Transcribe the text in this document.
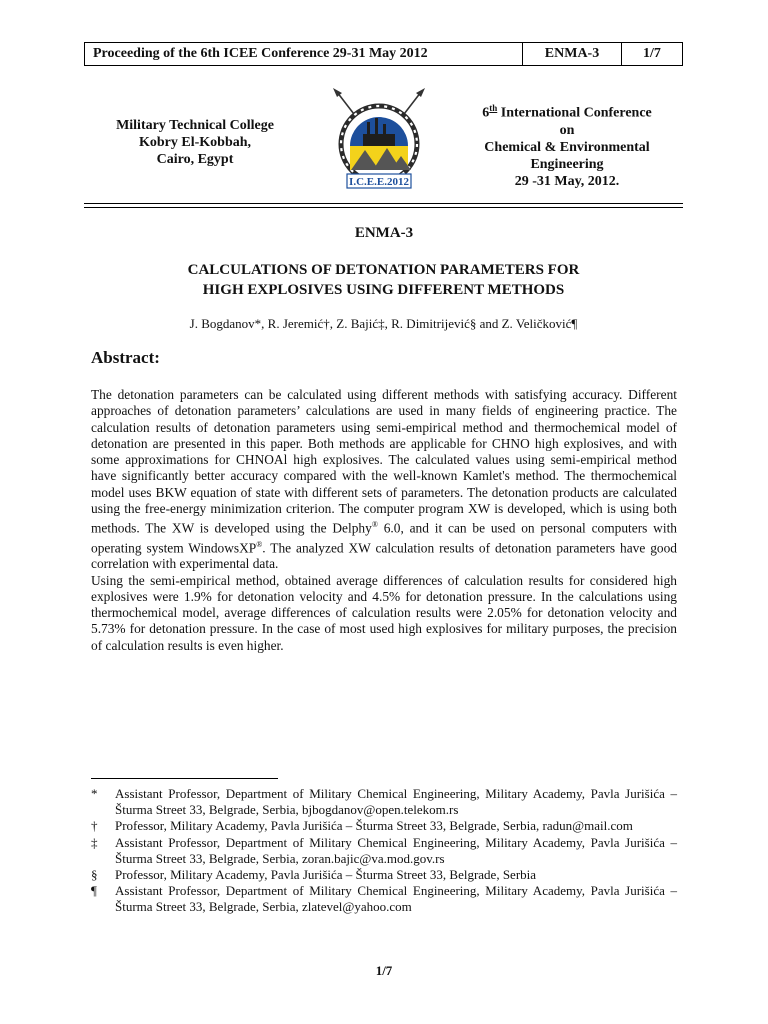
Proceeding of the 6th ICEE Conference 29-31 May 2012	ENMA-3	1/7
Military Technical College
Kobry El-Kobbah,
Cairo, Egypt
I.C.E.E.2012
6th International Conference
on
Chemical & Environmental
Engineering
29 -31 May, 2012.
ENMA-3
CALCULATIONS OF DETONATION PARAMETERS FOR
HIGH EXPLOSIVES USING DIFFERENT METHODS
J. Bogdanov*, R. Jeremić†, Z. Bajić‡, R. Dimitrijević§ and Z. Veličković¶
Abstract:

The detonation parameters can be calculated using different methods with satisfying accuracy. Different approaches of detonation parameters’ calculations are used in many fields of engineering practice. The calculation results of detonation parameters using semi-empirical method and thermochemical model of detonation are presented in this paper. Both methods are applicable for CHNO high explosives, and with some approximations for CHNOAl high explosives. The calculated values using semi-empirical method have significantly better accuracy compared with the well-known Kamlet's method. The thermochemical model uses BKW equation of state with different sets of parameters. The detonation products are calculated using the free-energy minimization criterion. The computer program XW is developed, which is using both methods. The XW is developed using the Delphy® 6.0, and it can be used on personal computers with operating system WindowsXP®. The analyzed XW calculation results of detonation parameters have good correlation with experimental data.

Using the semi-empirical method, obtained average differences of calculation results for considered high explosives were 1.9% for detonation velocity and 4.5% for detonation pressure. In the calculations using thermochemical model, average differences of calculation results were 2.05% for detonation velocity and 5.73% for detonation pressure. In the case of most used high explosives for military purposes, the precision of calculation results is even higher.

*	Assistant Professor, Department of Military Chemical Engineering, Military Academy, Pavla Jurišića – Šturma Street 33, Belgrade, Serbia, bjbogdanov@open.telekom.rs
†	Professor, Military Academy, Pavla Jurišića – Šturma Street 33, Belgrade, Serbia, radun@mail.com
‡	Assistant Professor, Department of Military Chemical Engineering, Military Academy, Pavla Jurišića – Šturma Street 33, Belgrade, Serbia, zoran.bajic@va.mod.gov.rs
§	Professor, Military Academy, Pavla Jurišića – Šturma Street 33, Belgrade, Serbia
¶	Assistant Professor, Department of Military Chemical Engineering, Military Academy, Pavla Jurišića – Šturma Street 33, Belgrade, Serbia, zlatevel@yahoo.com
1/7
